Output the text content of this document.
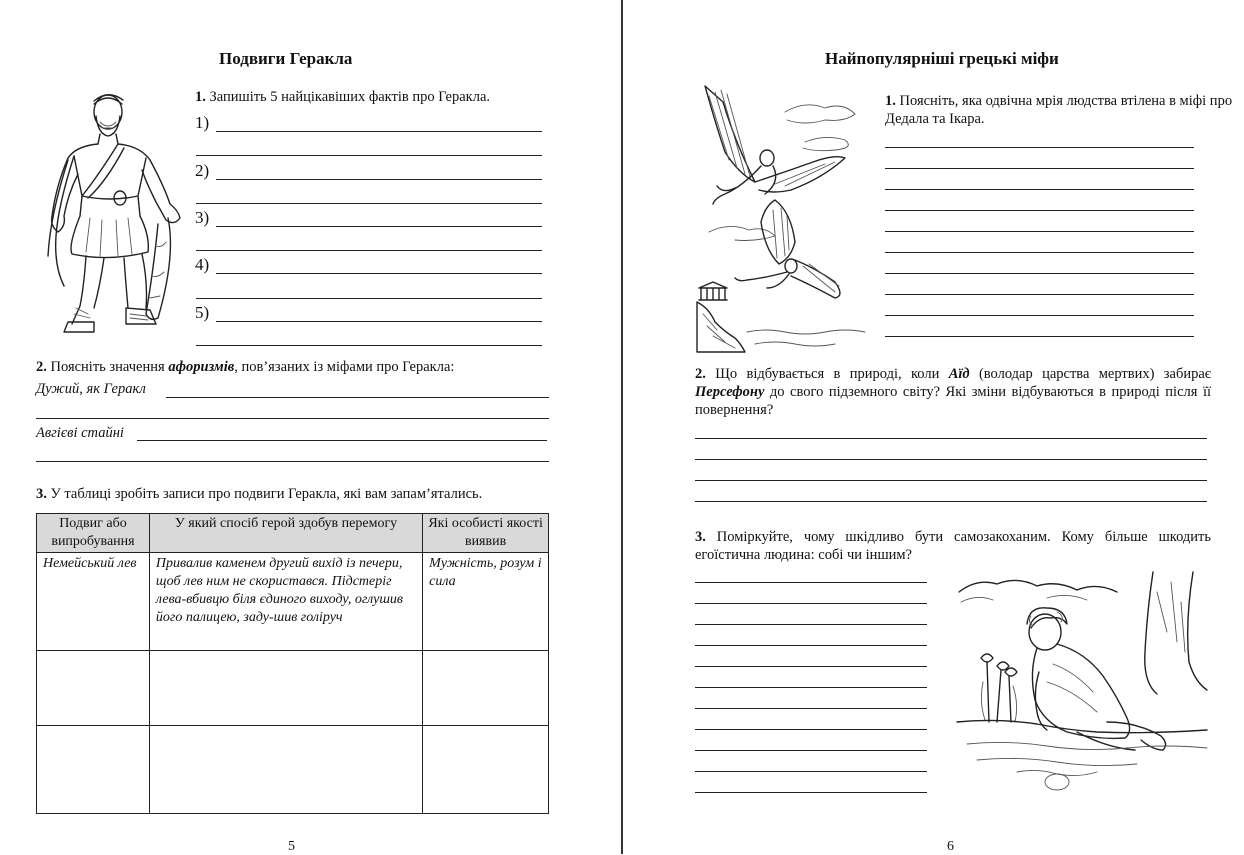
Подвиги Геракла
1. Запишіть 5 найцікавіших фактів про Геракла.
1)
2)
3)
4)
5)
2. Поясніть значення афоризмів, пов’язаних із міфами про Геракла:
Дужий, як Геракл
Авгієві стайні
3. У таблиці зробіть записи про подвиги Геракла, які вам запам’ятались.
Подвиг або випробування	У який спосіб герой здобув перемогу	Які особисті якості виявив
Немейський лев	Привалив каменем другий вихід із печери, щоб лев ним не скористався. Підстеріг лева-вбивцю біля єдиного виходу, оглушив його палицею, заду-шив голіруч	Мужність, розум і сила

5
Найпопулярніші грецькі міфи
1. Поясніть, яка одвічна мрія людства втілена в міфі про Дедала та Ікара.
2. Що відбувається в природі, коли Аїд (володар царства мертвих) забирає Персефону до свого підземного світу? Які зміни відбуваються в природі після її повернення?
3. Поміркуйте, чому шкідливо бути самозакоханим. Кому більше шкодить егоїстична людина: собі чи іншим?
6
